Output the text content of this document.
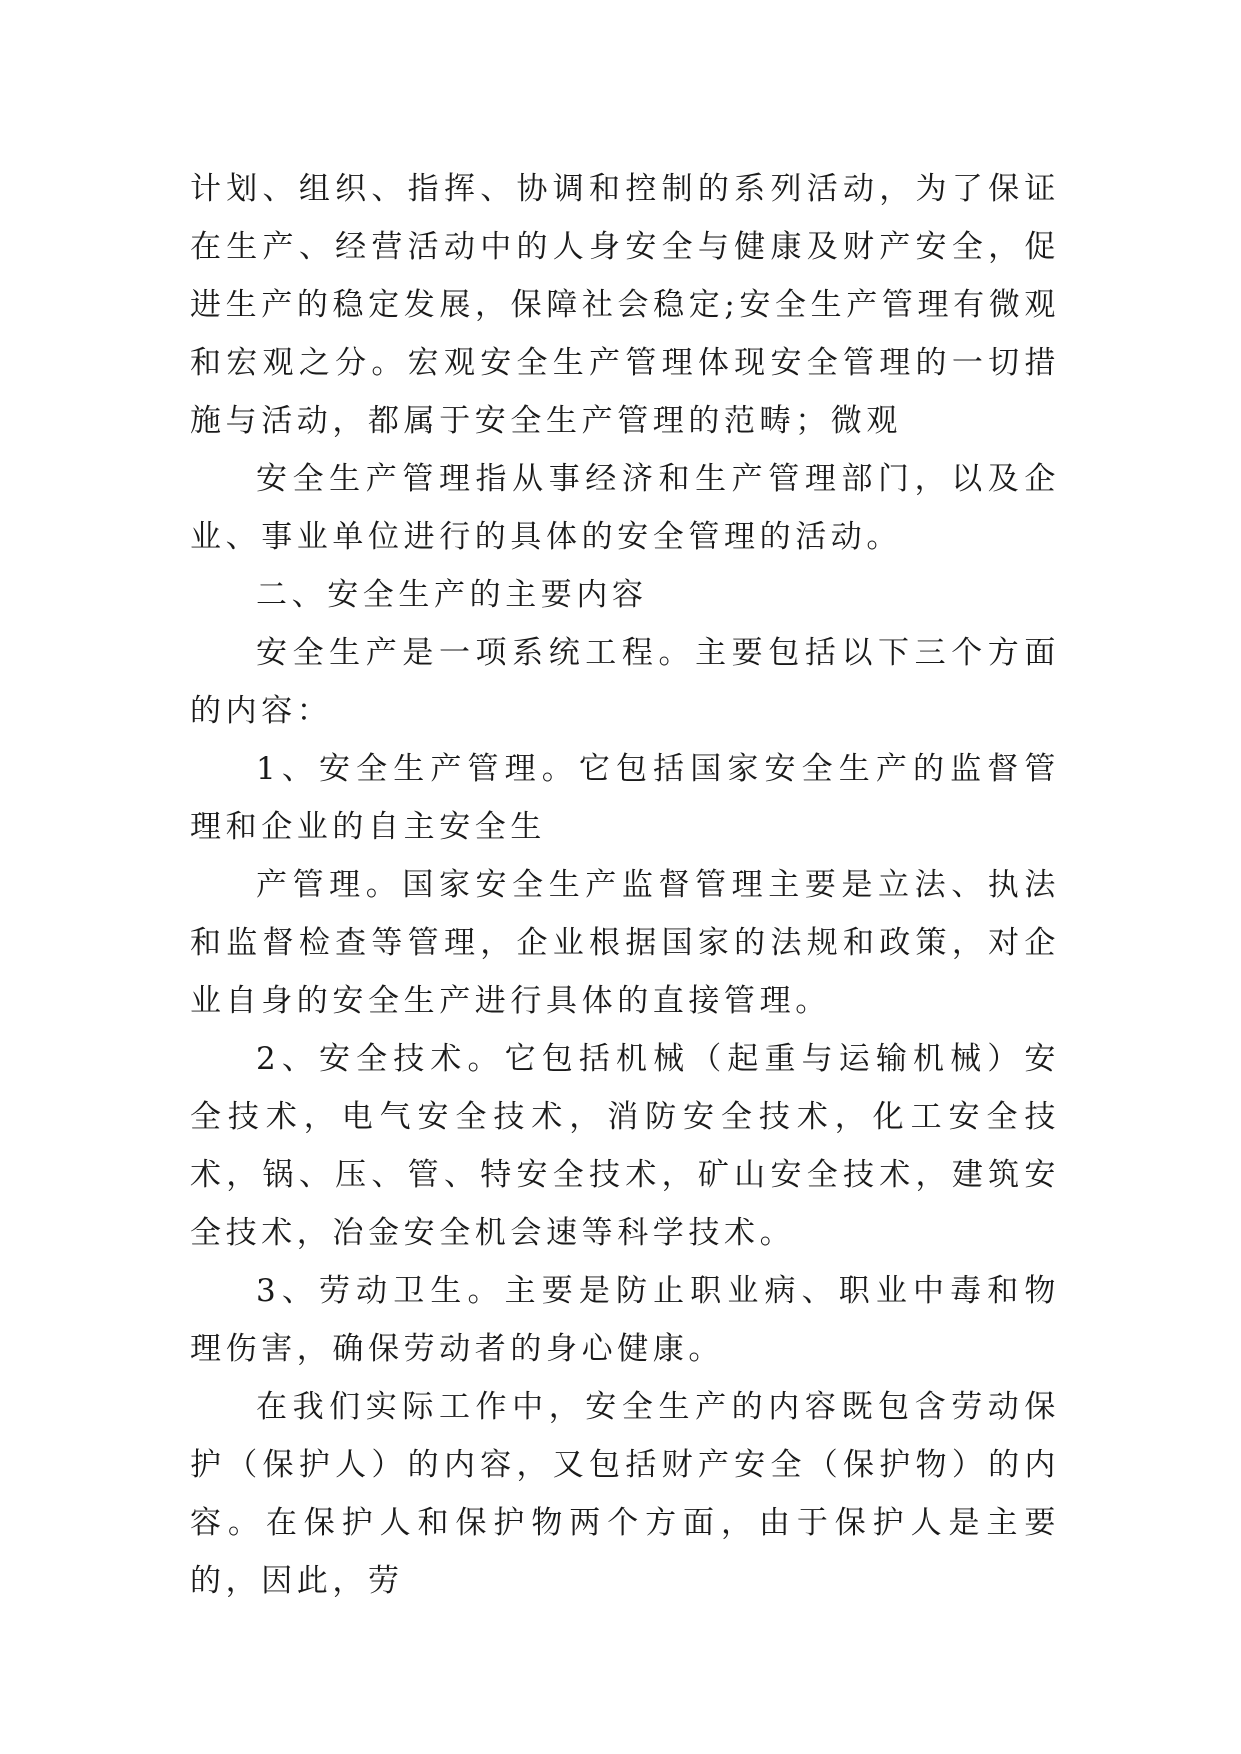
计划、组织、指挥、协调和控制的系列活动，为了保证在生产、经营活动中的人身安全与健康及财产安全，促进生产的稳定发展，保障社会稳定;安全生产管理有微观和宏观之分。宏观安全生产管理体现安全管理的一切措施与活动，都属于安全生产管理的范畴；微观

安全生产管理指从事经济和生产管理部门，以及企业、事业单位进行的具体的安全管理的活动。

二、安全生产的主要内容

安全生产是一项系统工程。主要包括以下三个方面的内容：

1、安全生产管理。它包括国家安全生产的监督管理和企业的自主安全生

产管理。国家安全生产监督管理主要是立法、执法和监督检查等管理，企业根据国家的法规和政策，对企业自身的安全生产进行具体的直接管理。

2、安全技术。它包括机械（起重与运输机械）安全技术，电气安全技术，消防安全技术，化工安全技术，锅、压、管、特安全技术，矿山安全技术，建筑安全技术，冶金安全机会速等科学技术。

3、劳动卫生。主要是防止职业病、职业中毒和物理伤害，确保劳动者的身心健康。

在我们实际工作中，安全生产的内容既包含劳动保护（保护人）的内容，又包括财产安全（保护物）的内容。在保护人和保护物两个方面，由于保护人是主要的，因此，劳
